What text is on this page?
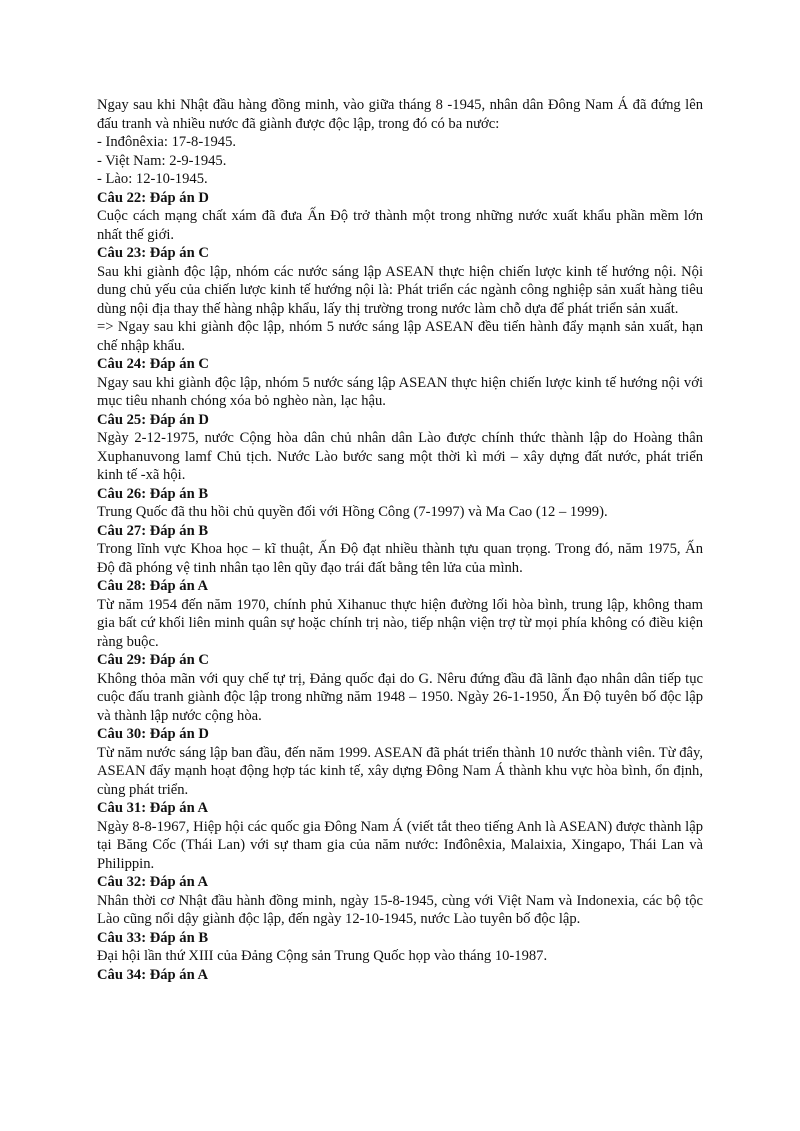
Ngay sau khi Nhật đầu hàng đồng minh, vào giữa tháng 8 -1945, nhân dân Đông Nam Á đã đứng lên đấu tranh và nhiều nước đã giành được độc lập, trong đó có ba nước:

- Inđônêxia: 17-8-1945.

- Việt Nam: 2-9-1945.

- Lào: 12-10-1945.

Câu 22: Đáp án D

Cuộc cách mạng chất xám đã đưa Ấn Độ trở thành một trong những nước xuất khẩu phần mềm lớn nhất thế giới.

Câu 23: Đáp án C

Sau khi giành độc lập, nhóm các nước sáng lập ASEAN thực hiện chiến lược kinh tế hướng nội. Nội dung chủ yếu của chiến lược kinh tế hướng nội là: Phát triển các ngành công nghiệp sản xuất hàng tiêu dùng nội địa thay thế hàng nhập khẩu, lấy thị trường trong nước làm chỗ dựa để phát triển sản xuất.

=> Ngay sau khi giành độc lập, nhóm 5 nước sáng lập ASEAN đều tiến hành đẩy mạnh sản xuất, hạn chế nhập khẩu.

Câu 24: Đáp án C

Ngay sau khi giành độc lập, nhóm 5 nước sáng lập ASEAN thực hiện chiến lược kinh tế hướng nội với mục tiêu nhanh chóng xóa bỏ nghèo nàn, lạc hậu.

Câu 25: Đáp án D

Ngày 2-12-1975, nước Cộng hòa dân chủ nhân dân Lào được chính thức thành lập do Hoàng thân Xuphanuvong lamf Chủ tịch. Nước Lào bước sang một thời kì mới – xây dựng đất nước, phát triển kinh tế -xã hội.

Câu 26: Đáp án B

Trung Quốc đã thu hồi chủ quyền đối với Hồng Công (7-1997) và Ma Cao (12 – 1999).

Câu 27: Đáp án B

Trong lĩnh vực Khoa học – kĩ thuật, Ấn Độ đạt nhiều thành tựu quan trọng. Trong đó, năm 1975, Ấn Độ đã phóng vệ tinh nhân tạo lên qũy đạo trái đất bằng tên lửa của mình.

Câu 28: Đáp án A

Từ năm 1954 đến năm 1970, chính phủ Xihanuc thực hiện đường lối hòa bình, trung lập, không tham gia bất cứ khối liên minh quân sự hoặc chính trị nào, tiếp nhận viện trợ từ mọi phía không có điều kiện ràng buộc.

Câu 29: Đáp án C

Không thỏa mãn với quy chế tự trị, Đảng quốc đại do G. Nêru đứng đầu đã lãnh đạo nhân dân tiếp tục cuộc đấu tranh giành độc lập trong những năm 1948 – 1950. Ngày 26-1-1950, Ấn Độ tuyên bố độc lập và thành lập nước cộng hòa.

Câu 30: Đáp án D

Từ năm nước sáng lập ban đầu, đến năm 1999. ASEAN đã phát triển thành 10 nước thành viên. Từ đây, ASEAN đẩy mạnh hoạt động hợp tác kinh tế, xây dựng Đông Nam Á thành khu vực hòa bình, ổn định, cùng phát triển.

Câu 31: Đáp án A

Ngày 8-8-1967, Hiệp hội các quốc gia Đông Nam Á (viết tắt theo tiếng Anh là ASEAN) được thành lập tại Băng Cốc (Thái Lan) với sự tham gia của năm nước: Inđônêxia, Malaixia, Xingapo, Thái Lan và Philippin.

Câu 32: Đáp án A

Nhân thời cơ Nhật đầu hành đồng minh, ngày 15-8-1945, cùng với Việt Nam và Indonexia, các bộ tộc Lào cũng nổi dậy giành độc lập, đến ngày 12-10-1945, nước Lào tuyên bố độc lập.

Câu 33: Đáp án B

Đại hội lần thứ XIII của Đảng Cộng sản Trung Quốc họp vào tháng 10-1987.

Câu 34: Đáp án A
